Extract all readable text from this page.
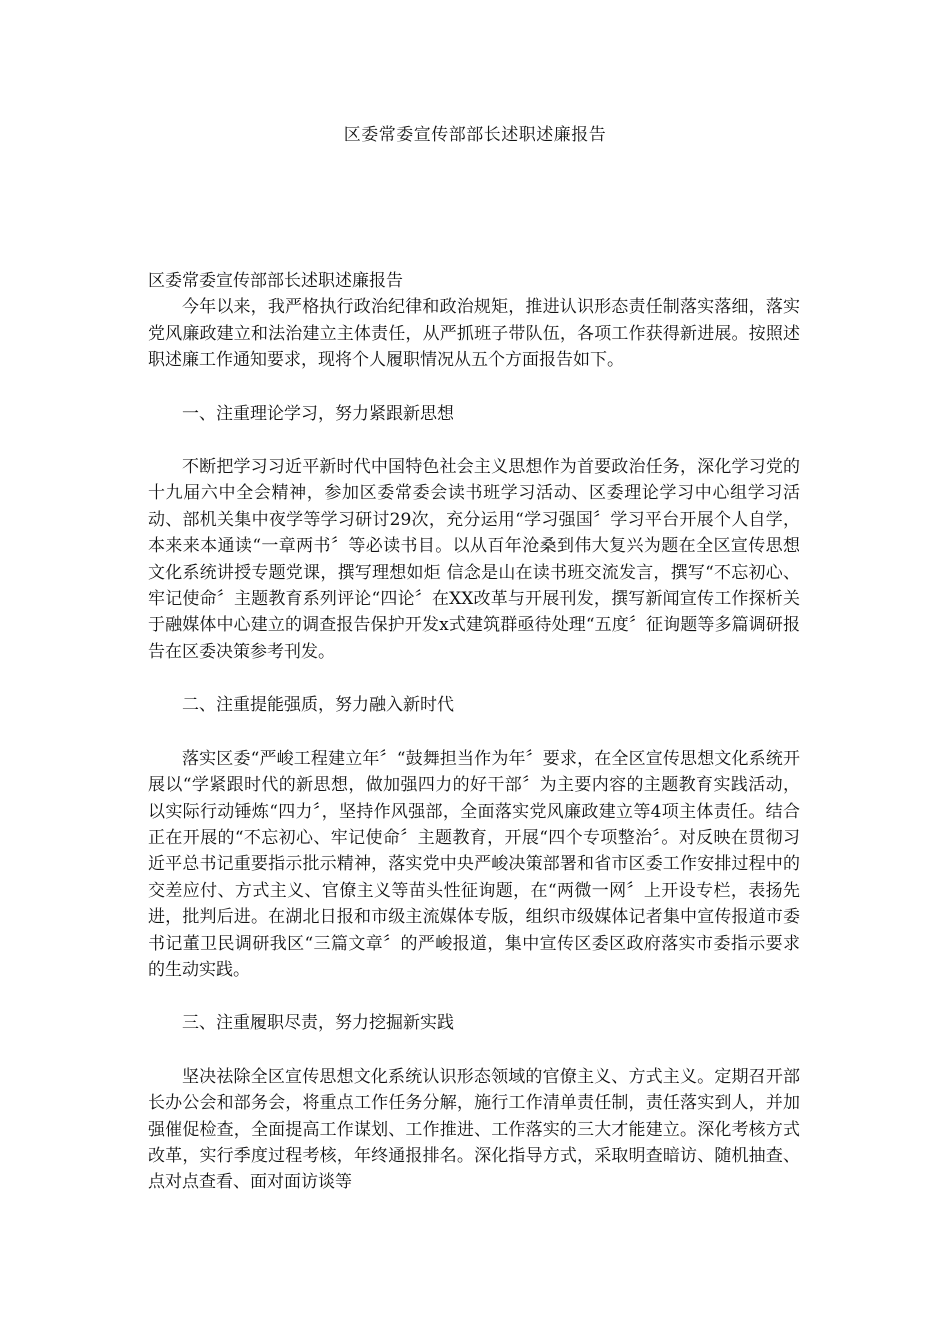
区委常委宣传部部长述职述廉报告

区委常委宣传部部长述职述廉报告

今年以来，我严格执行政治纪律和政治规矩，推进认识形态责任制落实落细，落实党风廉政建立和法治建立主体责任，从严抓班子带队伍，各项工作获得新进展。按照述职述廉工作通知要求，现将个人履职情况从五个方面报告如下。

一、注重理论学习，努力紧跟新思想

不断把学习习近平新时代中国特色社会主义思想作为首要政治任务，深化学习党的十九届六中全会精神，参加区委常委会读书班学习活动、区委理论学习中心组学习活动、部机关集中夜学等学习研讨29次，充分运用“学习强国〞学习平台开展个人自学，本来来本通读“一章两书〞等必读书目。以从百年沧桑到伟大复兴为题在全区宣传思想文化系统讲授专题党课，撰写理想如炬 信念是山在读书班交流发言，撰写“不忘初心、牢记使命〞主题教育系列评论“四论〞在XX改革与开展刊发，撰写新闻宣传工作探析关于融媒体中心建立的调查报告保护开发x式建筑群亟待处理“五度〞征询题等多篇调研报告在区委决策参考刊发。

二、注重提能强质，努力融入新时代

落实区委“严峻工程建立年〞“鼓舞担当作为年〞要求，在全区宣传思想文化系统开展以“学紧跟时代的新思想，做加强四力的好干部〞为主要内容的主题教育实践活动，以实际行动锤炼“四力〞，坚持作风强部，全面落实党风廉政建立等4项主体责任。结合正在开展的“不忘初心、牢记使命〞主题教育，开展“四个专项整治〞。对反映在贯彻习近平总书记重要指示批示精神，落实党中央严峻决策部署和省市区委工作安排过程中的交差应付、方式主义、官僚主义等苗头性征询题，在“两微一网〞上开设专栏，表扬先进，批判后进。在湖北日报和市级主流媒体专版，组织市级媒体记者集中宣传报道市委书记董卫民调研我区“三篇文章〞的严峻报道，集中宣传区委区政府落实市委指示要求的生动实践。

三、注重履职尽责，努力挖掘新实践

坚决祛除全区宣传思想文化系统认识形态领域的官僚主义、方式主义。定期召开部长办公会和部务会，将重点工作任务分解，施行工作清单责任制，责任落实到人，并加强催促检查，全面提高工作谋划、工作推进、工作落实的三大才能建立。深化考核方式改革，实行季度过程考核，年终通报排名。深化指导方式，采取明查暗访、随机抽查、点对点查看、面对面访谈等
